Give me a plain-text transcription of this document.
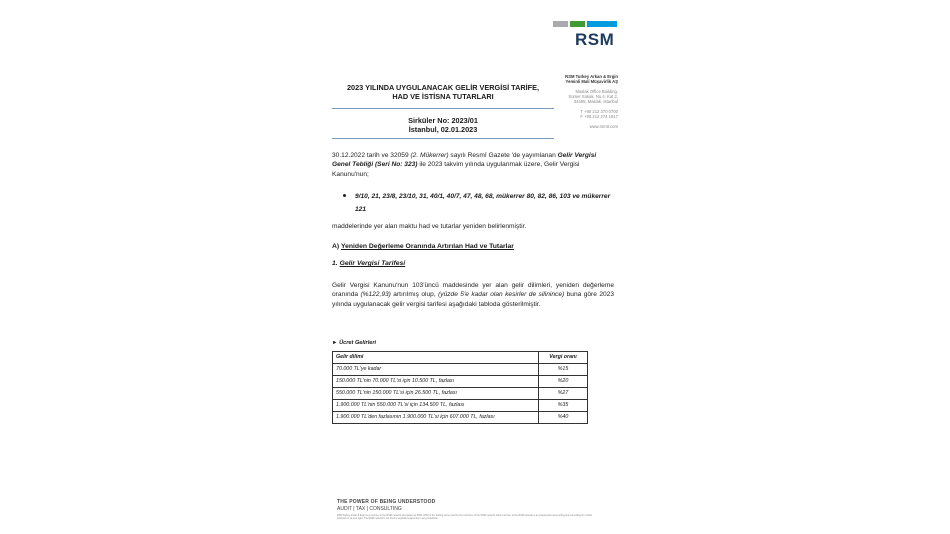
RSM
RSM Turkey Arkan & Ergin
Yeminli Mali Müşavirlik AŞ
Maslak Office Building,
Sümer Sokak, No.4, Kat 2,
34485, Maslak, İstanbul
T +90 212 370 0700
F +90 212 274 1817
www.rsmtr.com
2023 YILINDA UYGULANACAK GELİR VERGİSİ TARİFE,
HAD VE İSTİSNA TUTARLARI
Sirküler No: 2023/01
İstanbul, 02.01.2023
30.12.2022 tarih ve 32059 (2. Mükerrer) sayılı Resmî Gazete 'de yayımlanan Gelir Vergisi Genel Tebliği (Seri No: 323) ile 2023 takvim yılında uygulanmak üzere, Gelir Vergisi Kanunu'nun;
9/10, 21, 23/8, 23/10, 31, 40/1, 40/7, 47, 48, 68, mükerrer 80, 82, 86, 103 ve mükerrer 121
maddelerinde yer alan maktu had ve tutarlar yeniden belirlenmiştir.
A) Yeniden Değerleme Oranında Artırılan Had ve Tutarlar
1. Gelir Vergisi Tarifesi
Gelir Vergisi Kanunu'nun 103'üncü maddesinde yer alan gelir dilimleri, yeniden değerleme oranında (%122,93) artırılmış olup, (yüzde 5'e kadar olan kesirler de silinince) buna göre 2023 yılında uygulanacak gelir vergisi tarifesi aşağıdaki tabloda gösterilmiştir.
► Ücret Gelirleri
Gelir dilimi	Vergi oranı
70.000 TL'ye kadar	%15
150.000 TL'nin 70.000 TL'si için 10.500 TL, fazlası	%20
550.000 TL'nin 150.000 TL'si için 26.500 TL, fazlası	%27
1.900.000 TL'nin 550.000 TL'si için 134.500 TL, fazlası	%35
1.900.000 TL'den fazlasının 1.900.000 TL'si için 607.000 TL, fazlası	%40
THE POWER OF BEING UNDERSTOOD
AUDIT | TAX | CONSULTING
RSM Turkey Arkan & Ergin is a member of the RSM network and trades as RSM. RSM is the trading name used by the members of the RSM network. Each member of the RSM network is an independent accounting and consulting firm which practices in its own right. The RSM network is not itself a separate legal entity in any jurisdiction.
